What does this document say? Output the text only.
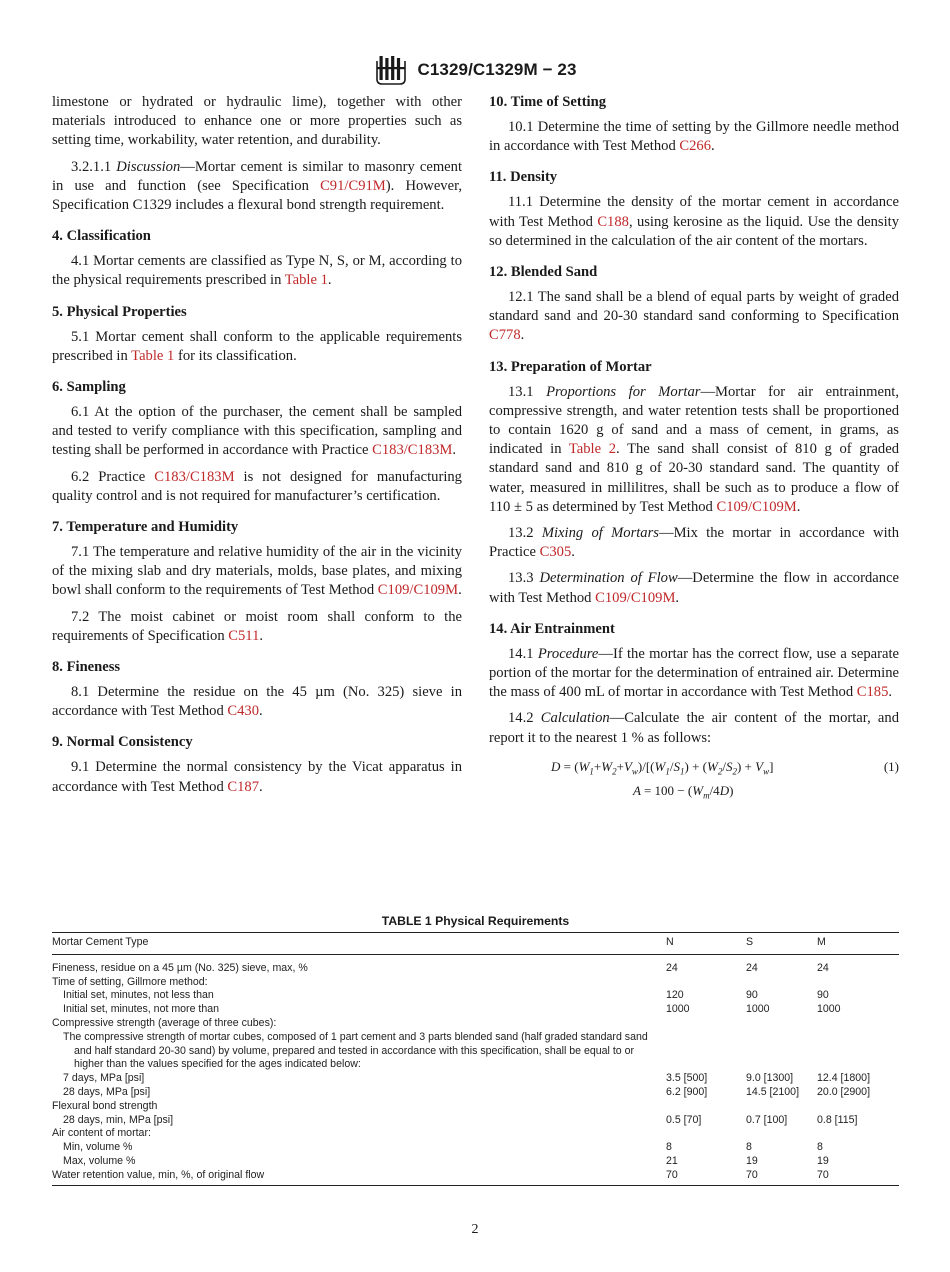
C1329/C1329M − 23

limestone or hydrated or hydraulic lime), together with other materials introduced to enhance one or more properties such as setting time, workability, water retention, and durability.

3.2.1.1 Discussion—Mortar cement is similar to masonry cement in use and function (see Specification C91/C91M). However, Specification C1329 includes a flexural bond strength requirement.

4. Classification

4.1 Mortar cements are classified as Type N, S, or M, according to the physical requirements prescribed in Table 1.

5. Physical Properties

5.1 Mortar cement shall conform to the applicable requirements prescribed in Table 1 for its classification.

6. Sampling

6.1 At the option of the purchaser, the cement shall be sampled and tested to verify compliance with this specification, sampling and testing shall be performed in accordance with Practice C183/C183M.

6.2 Practice C183/C183M is not designed for manufacturing quality control and is not required for manufacturer’s certification.

7. Temperature and Humidity

7.1 The temperature and relative humidity of the air in the vicinity of the mixing slab and dry materials, molds, base plates, and mixing bowl shall conform to the requirements of Test Method C109/C109M.

7.2 The moist cabinet or moist room shall conform to the requirements of Specification C511.

8. Fineness

8.1 Determine the residue on the 45 µm (No. 325) sieve in accordance with Test Method C430.

9. Normal Consistency

9.1 Determine the normal consistency by the Vicat apparatus in accordance with Test Method C187.

10. Time of Setting

10.1 Determine the time of setting by the Gillmore needle method in accordance with Test Method C266.

11. Density

11.1 Determine the density of the mortar cement in accordance with Test Method C188, using kerosine as the liquid. Use the density so determined in the calculation of the air content of the mortars.

12. Blended Sand

12.1 The sand shall be a blend of equal parts by weight of graded standard sand and 20-30 standard sand conforming to Specification C778.

13. Preparation of Mortar

13.1 Proportions for Mortar—Mortar for air entrainment, compressive strength, and water retention tests shall be proportioned to contain 1620 g of sand and a mass of cement, in grams, as indicated in Table 2. The sand shall consist of 810 g of graded standard sand and 810 g of 20-30 standard sand. The quantity of water, measured in millilitres, shall be such as to produce a flow of 110 ± 5 as determined by Test Method C109/C109M.

13.2 Mixing of Mortars—Mix the mortar in accordance with Practice C305.

13.3 Determination of Flow—Determine the flow in accordance with Test Method C109/C109M.

14. Air Entrainment

14.1 Procedure—If the mortar has the correct flow, use a separate portion of the mortar for the determination of entrained air. Determine the mass of 400 mL of mortar in accordance with Test Method C185.

14.2 Calculation—Calculate the air content of the mortar, and report it to the nearest 1 % as follows:

$D = (W_1+W_2+V_w)/[(W_1/S_1) + (W_2/S_2) + V_w]$	(1)
$A = 100 - (W_m/4D)$
TABLE 1 Physical Requirements
Mortar Cement Type	N	S	M
Fineness, residue on a 45 µm (No. 325) sieve, max, %	24	24	24
Time of setting, Gillmore method:			
Initial set, minutes, not less than	120	90	90
Initial set, minutes, not more than	1000	1000	1000
Compressive strength (average of three cubes):			

The compressive strength of mortar cubes, composed of 1 part cement and 3 parts blended sand (half graded standard sand and half standard 20-30 sand) by volume, prepared and tested in accordance with this specification, shall be equal to or higher than the values specified for the ages indicated below:			

7 days, MPa [psi]	3.5 [500]	9.0 [1300]	12.4 [1800]
28 days, MPa [psi]	6.2 [900]	14.5 [2100]	20.0 [2900]
Flexural bond strength			
28 days, min, MPa [psi]	0.5 [70]	0.7 [100]	0.8 [115]
Air content of mortar:			
Min, volume %	8	8	8
Max, volume %	21	19	19
Water retention value, min, %, of original flow	70	70	70
2
